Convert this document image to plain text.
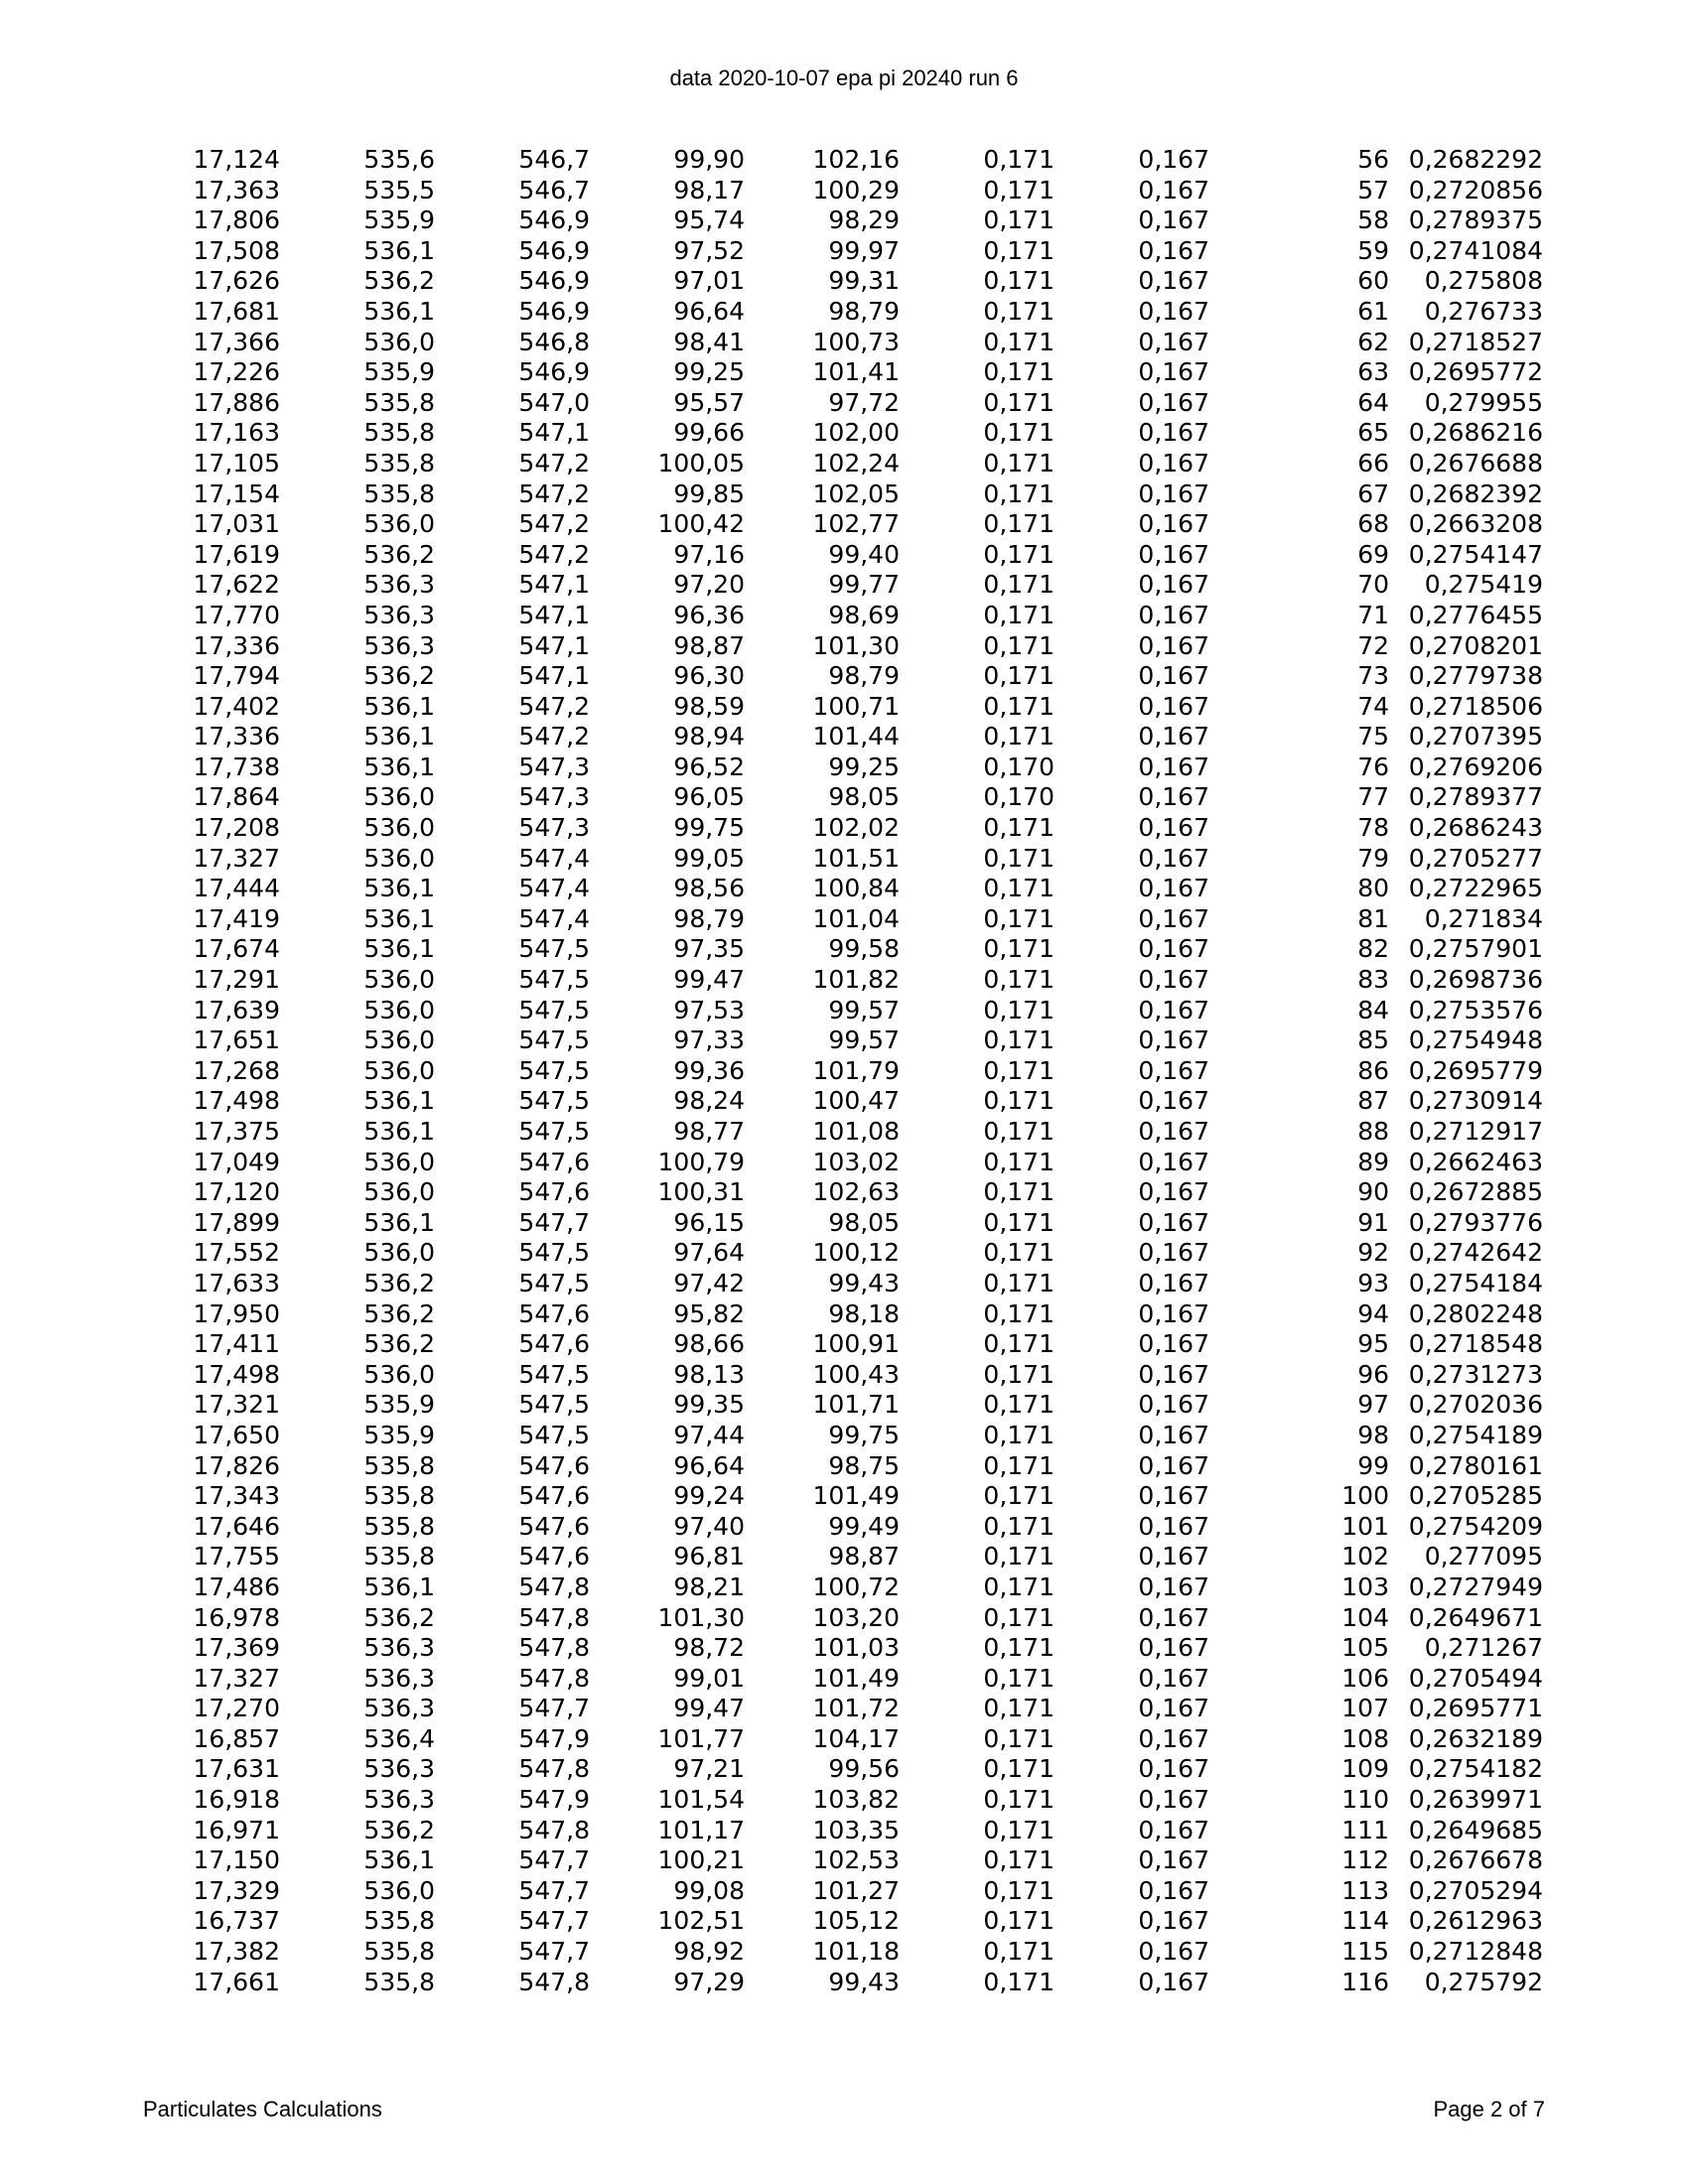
data 2020-10-07 epa pi 20240 run 6
17,124	535,6	546,7	99,90	102,16	0,171	0,167	56	0,2682292
17,363	535,5	546,7	98,17	100,29	0,171	0,167	57	0,2720856
17,806	535,9	546,9	95,74	98,29	0,171	0,167	58	0,2789375
17,508	536,1	546,9	97,52	99,97	0,171	0,167	59	0,2741084
17,626	536,2	546,9	97,01	99,31	0,171	0,167	60	0,275808
17,681	536,1	546,9	96,64	98,79	0,171	0,167	61	0,276733
17,366	536,0	546,8	98,41	100,73	0,171	0,167	62	0,2718527
17,226	535,9	546,9	99,25	101,41	0,171	0,167	63	0,2695772
17,886	535,8	547,0	95,57	97,72	0,171	0,167	64	0,279955
17,163	535,8	547,1	99,66	102,00	0,171	0,167	65	0,2686216
17,105	535,8	547,2	100,05	102,24	0,171	0,167	66	0,2676688
17,154	535,8	547,2	99,85	102,05	0,171	0,167	67	0,2682392
17,031	536,0	547,2	100,42	102,77	0,171	0,167	68	0,2663208
17,619	536,2	547,2	97,16	99,40	0,171	0,167	69	0,2754147
17,622	536,3	547,1	97,20	99,77	0,171	0,167	70	0,275419
17,770	536,3	547,1	96,36	98,69	0,171	0,167	71	0,2776455
17,336	536,3	547,1	98,87	101,30	0,171	0,167	72	0,2708201
17,794	536,2	547,1	96,30	98,79	0,171	0,167	73	0,2779738
17,402	536,1	547,2	98,59	100,71	0,171	0,167	74	0,2718506
17,336	536,1	547,2	98,94	101,44	0,171	0,167	75	0,2707395
17,738	536,1	547,3	96,52	99,25	0,170	0,167	76	0,2769206
17,864	536,0	547,3	96,05	98,05	0,170	0,167	77	0,2789377
17,208	536,0	547,3	99,75	102,02	0,171	0,167	78	0,2686243
17,327	536,0	547,4	99,05	101,51	0,171	0,167	79	0,2705277
17,444	536,1	547,4	98,56	100,84	0,171	0,167	80	0,2722965
17,419	536,1	547,4	98,79	101,04	0,171	0,167	81	0,271834
17,674	536,1	547,5	97,35	99,58	0,171	0,167	82	0,2757901
17,291	536,0	547,5	99,47	101,82	0,171	0,167	83	0,2698736
17,639	536,0	547,5	97,53	99,57	0,171	0,167	84	0,2753576
17,651	536,0	547,5	97,33	99,57	0,171	0,167	85	0,2754948
17,268	536,0	547,5	99,36	101,79	0,171	0,167	86	0,2695779
17,498	536,1	547,5	98,24	100,47	0,171	0,167	87	0,2730914
17,375	536,1	547,5	98,77	101,08	0,171	0,167	88	0,2712917
17,049	536,0	547,6	100,79	103,02	0,171	0,167	89	0,2662463
17,120	536,0	547,6	100,31	102,63	0,171	0,167	90	0,2672885
17,899	536,1	547,7	96,15	98,05	0,171	0,167	91	0,2793776
17,552	536,0	547,5	97,64	100,12	0,171	0,167	92	0,2742642
17,633	536,2	547,5	97,42	99,43	0,171	0,167	93	0,2754184
17,950	536,2	547,6	95,82	98,18	0,171	0,167	94	0,2802248
17,411	536,2	547,6	98,66	100,91	0,171	0,167	95	0,2718548
17,498	536,0	547,5	98,13	100,43	0,171	0,167	96	0,2731273
17,321	535,9	547,5	99,35	101,71	0,171	0,167	97	0,2702036
17,650	535,9	547,5	97,44	99,75	0,171	0,167	98	0,2754189
17,826	535,8	547,6	96,64	98,75	0,171	0,167	99	0,2780161
17,343	535,8	547,6	99,24	101,49	0,171	0,167	100	0,2705285
17,646	535,8	547,6	97,40	99,49	0,171	0,167	101	0,2754209
17,755	535,8	547,6	96,81	98,87	0,171	0,167	102	0,277095
17,486	536,1	547,8	98,21	100,72	0,171	0,167	103	0,2727949
16,978	536,2	547,8	101,30	103,20	0,171	0,167	104	0,2649671
17,369	536,3	547,8	98,72	101,03	0,171	0,167	105	0,271267
17,327	536,3	547,8	99,01	101,49	0,171	0,167	106	0,2705494
17,270	536,3	547,7	99,47	101,72	0,171	0,167	107	0,2695771
16,857	536,4	547,9	101,77	104,17	0,171	0,167	108	0,2632189
17,631	536,3	547,8	97,21	99,56	0,171	0,167	109	0,2754182
16,918	536,3	547,9	101,54	103,82	0,171	0,167	110	0,2639971
16,971	536,2	547,8	101,17	103,35	0,171	0,167	111	0,2649685
17,150	536,1	547,7	100,21	102,53	0,171	0,167	112	0,2676678
17,329	536,0	547,7	99,08	101,27	0,171	0,167	113	0,2705294
16,737	535,8	547,7	102,51	105,12	0,171	0,167	114	0,2612963
17,382	535,8	547,7	98,92	101,18	0,171	0,167	115	0,2712848
17,661	535,8	547,8	97,29	99,43	0,171	0,167	116	0,275792
Particulates Calculations	Page 2 of 7
